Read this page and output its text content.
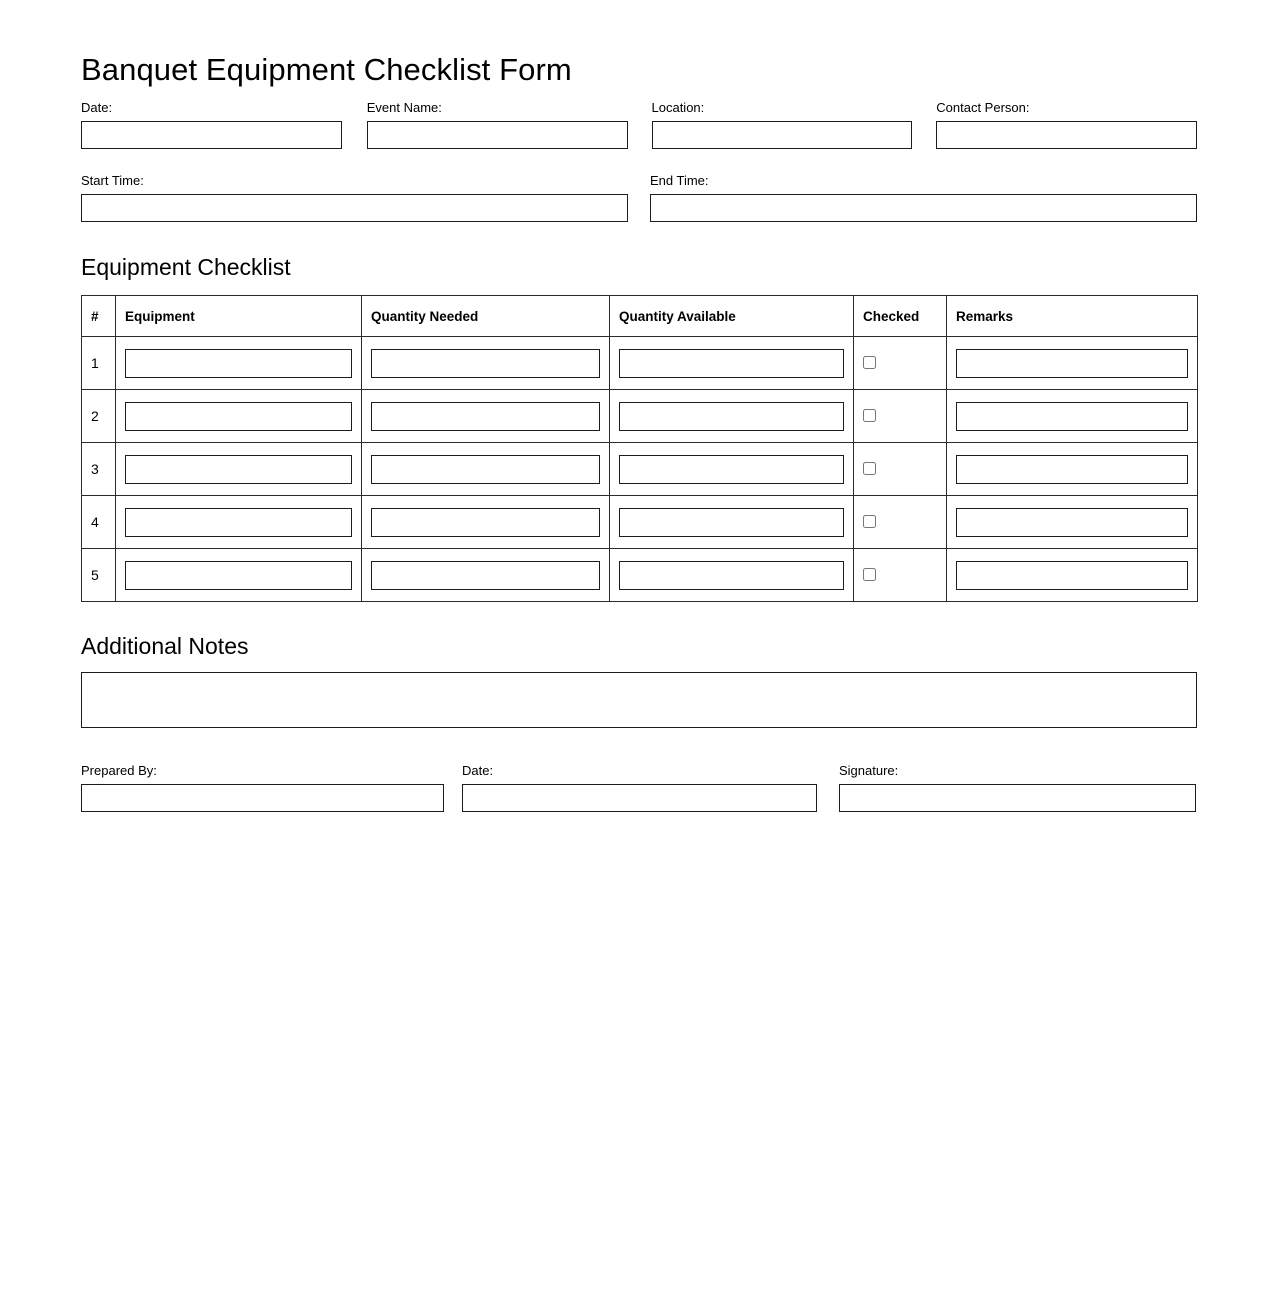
Banquet Equipment Checklist Form
Date:	Event Name:	Location:	Contact Person:
Start Time:	End Time:
Equipment Checklist
#	Equipment	Quantity Needed	Quantity Available	Checked	Remarks
1	

2	

3	

4	

5	

Additional Notes
Prepared By:	Date:	Signature:
